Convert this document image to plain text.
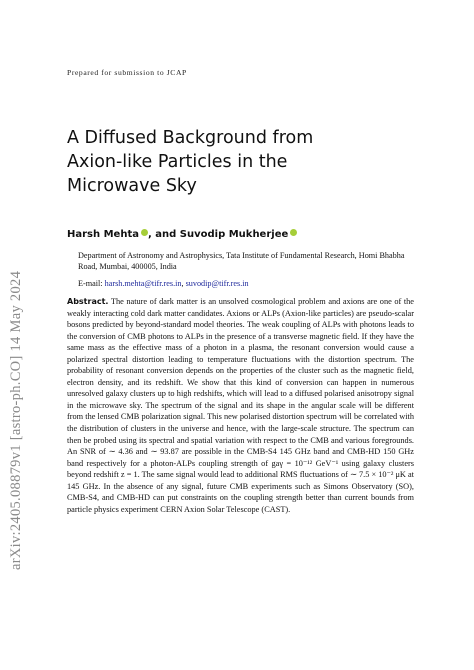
arXiv:2405.08879v1 [astro-ph.CO] 14 May 2024
Prepared for submission to JCAP
A Diffused Background from
Axion-like Particles in the
Microwave Sky
Harsh Mehta , and Suvodip Mukherjee
Department of Astronomy and Astrophysics, Tata Institute of Fundamental Research, Homi Bhabha Road, Mumbai, 400005, India
E-mail: harsh.mehta@tifr.res.in, suvodip@tifr.res.in
Abstract. The nature of dark matter is an unsolved cosmological problem and axions are one of the weakly interacting cold dark matter candidates. Axions or ALPs (Axion-like particles) are pseudo-scalar bosons predicted by beyond-standard model theories. The weak coupling of ALPs with photons leads to the conversion of CMB photons to ALPs in the presence of a transverse magnetic field. If they have the same mass as the effective mass of a photon in a plasma, the resonant conversion would cause a polarized spectral distortion leading to temperature fluctuations with the distortion spectrum. The probability of resonant conversion depends on the properties of the cluster such as the magnetic field, electron density, and its redshift. We show that this kind of conversion can happen in numerous unresolved galaxy clusters up to high redshifts, which will lead to a diffused polarised anisotropy signal in the microwave sky. The spectrum of the signal and its shape in the angular scale will be different from the lensed CMB polarization signal. This new polarised distortion spectrum will be correlated with the distribution of clusters in the universe and hence, with the large-scale structure. The spectrum can then be probed using its spectral and spatial variation with respect to the CMB and various foregrounds. An SNR of ∼ 4.36 and ∼ 93.87 are possible in the CMB-S4 145 GHz band and CMB-HD 150 GHz band respectively for a photon-ALPs coupling strength of gaγ = 10⁻¹² GeV⁻¹ using galaxy clusters beyond redshift z = 1. The same signal would lead to additional RMS fluctuations of ∼ 7.5 × 10⁻² μK at 145 GHz. In the absence of any signal, future CMB experiments such as Simons Observatory (SO), CMB-S4, and CMB-HD can put constraints on the coupling strength better than current bounds from particle physics experiment CERN Axion Solar Telescope (CAST).
